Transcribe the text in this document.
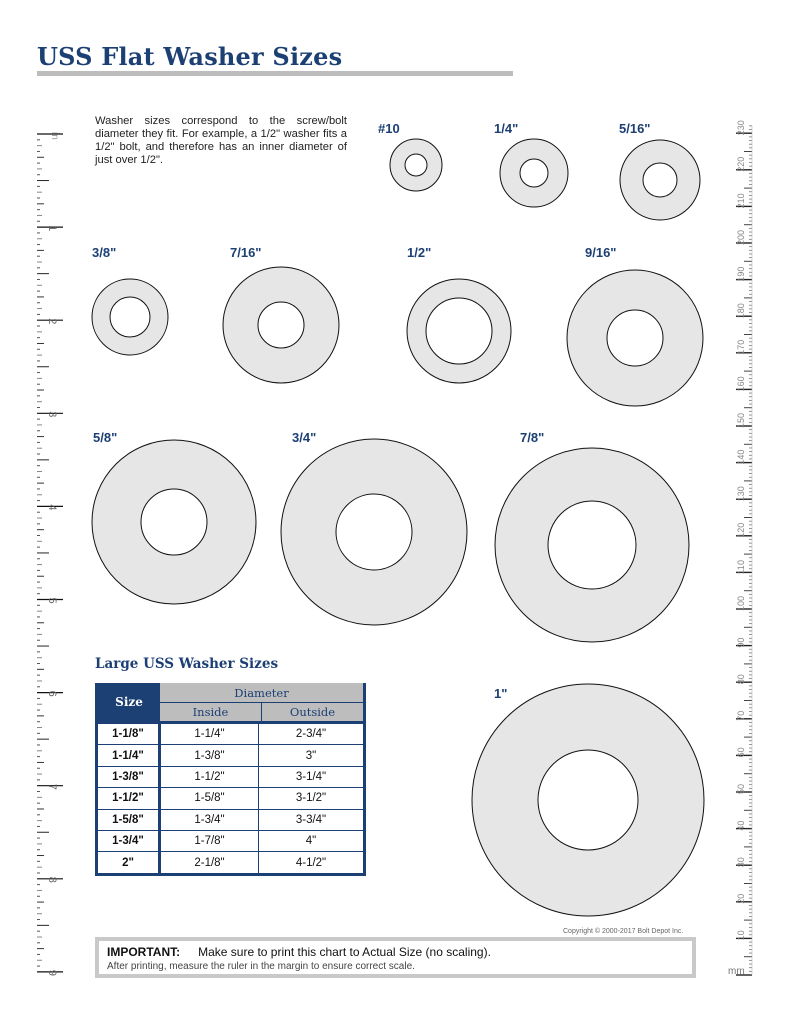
USS Flat Washer Sizes
Washer sizes correspond to the screw/bolt diameter they fit. For example, a 1/2" washer fits a 1/2" bolt, and therefore has an inner diameter of just over 1/2".
in
1
2
3
4
5
6
7
8
9	mm
10
20
30
40
50
60
70
80
90
100
110
120
130
140
150
160
170
180
190
200
210
220
230
#10	1/4"	5/16"
3/8"	7/16"	1/2"	9/16"
5/8"	3/4"	7/8"
1"
Large USS Washer Sizes
Size
Diameter
Inside	Outside
1-1/8"	1-1/4"	2-3/4"
1-1/4"	1-3/8"	3"
1-3/8"	1-1/2"	3-1/4"
1-1/2"	1-5/8"	3-1/2"
1-5/8"	1-3/4"	3-3/4"
1-3/4"	1-7/8"	4"
2"	2-1/8"	4-1/2"
Copyright © 2000-2017 Bolt Depot Inc.
IMPORTANT: Make sure to print this chart to Actual Size (no scaling).
After printing, measure the ruler in the margin to ensure correct scale.
